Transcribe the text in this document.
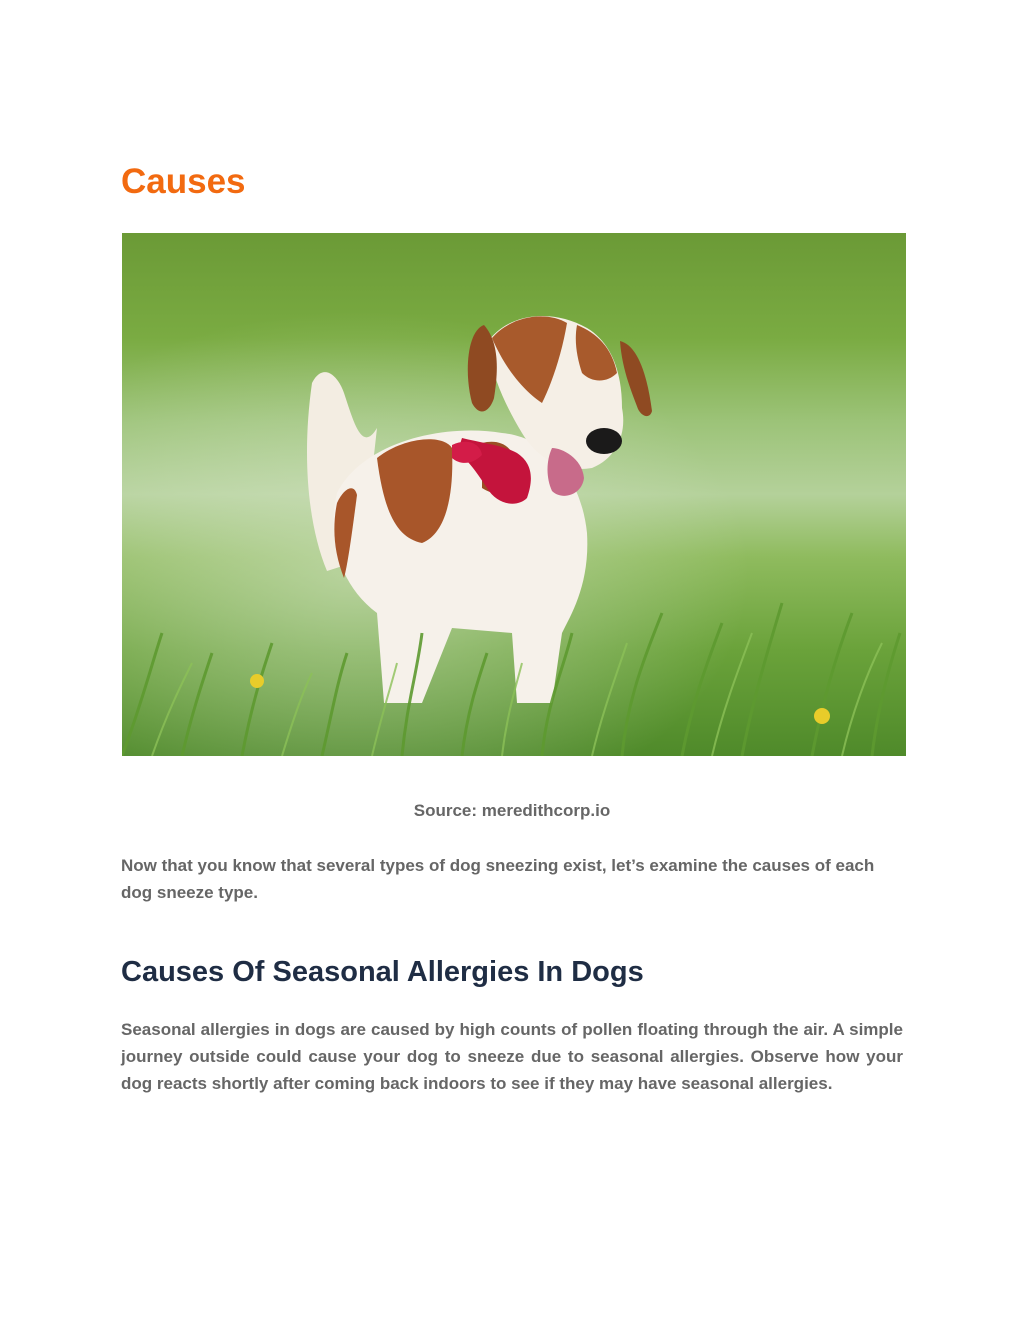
Causes
Source: meredithcorp.io

Now that you know that several types of dog sneezing exist, let’s examine the causes of each dog sneeze type.

Causes Of Seasonal Allergies In Dogs

Seasonal allergies in dogs are caused by high counts of pollen floating through the air. A simple journey outside could cause your dog to sneeze due to seasonal allergies. Observe how your dog reacts shortly after coming back indoors to see if they may have seasonal allergies.
